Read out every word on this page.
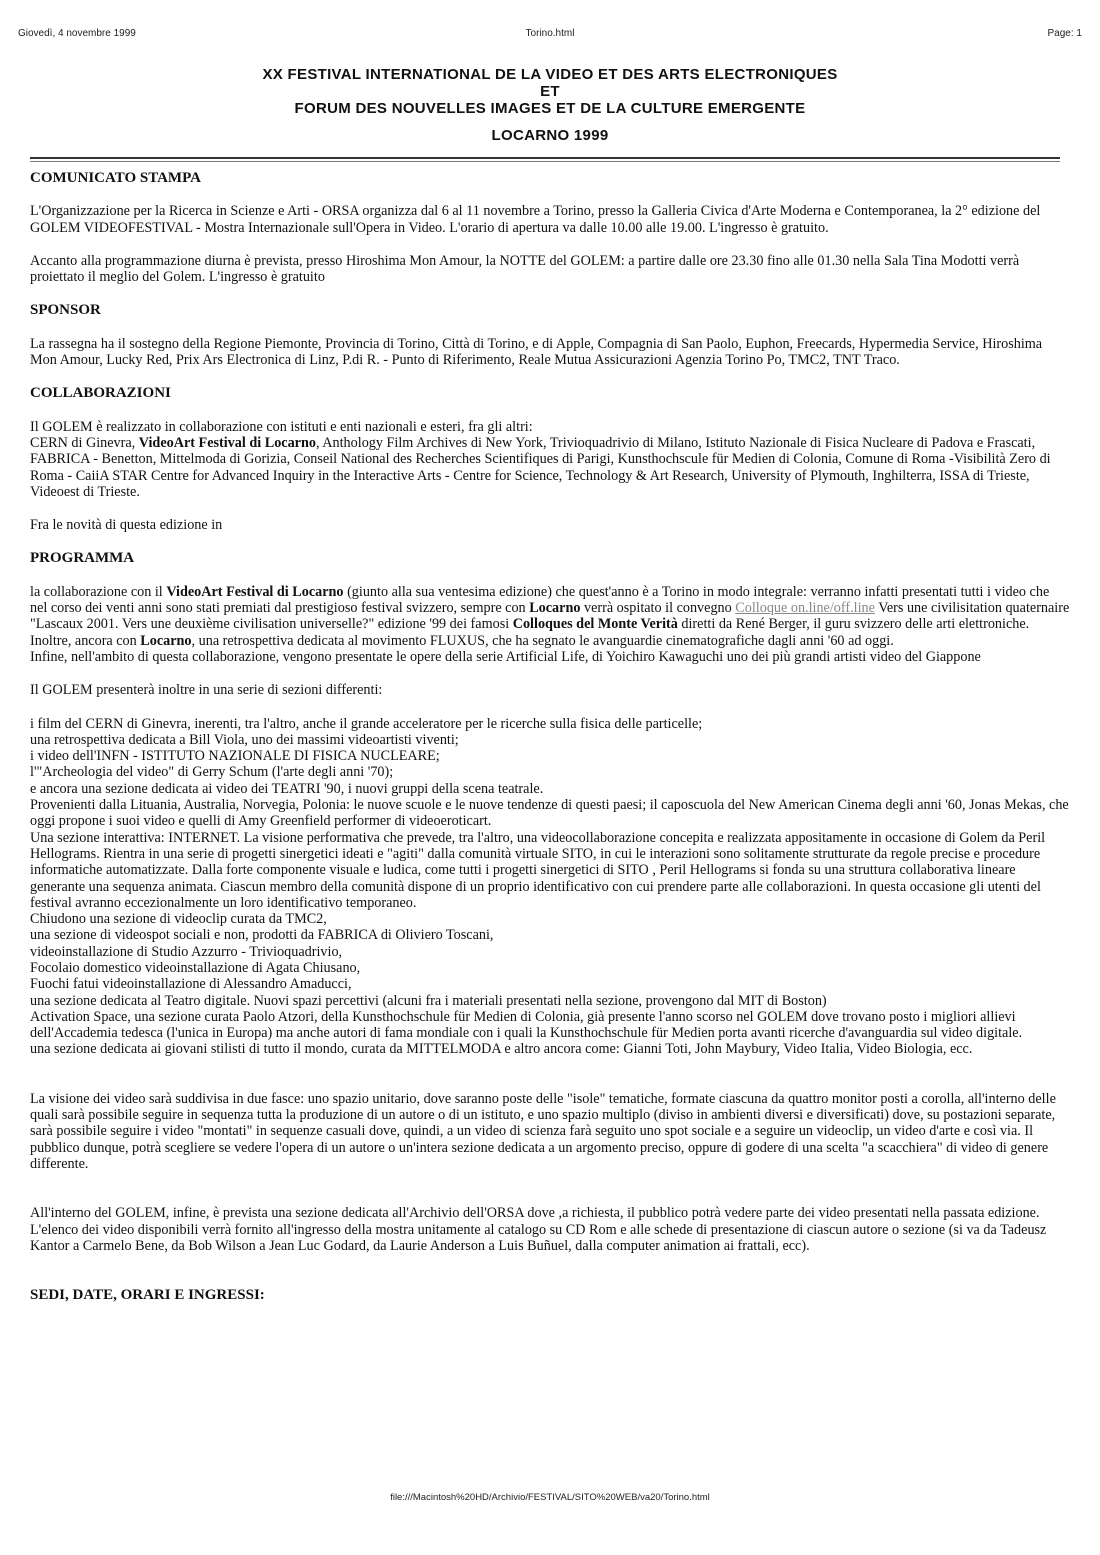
Torino.html
Giovedì, 4 novembre 1999	Page: 1
XX FESTIVAL INTERNATIONAL DE LA VIDEO ET DES ARTS ELECTRONIQUES
ET
FORUM DES NOUVELLES IMAGES ET DE LA CULTURE EMERGENTE
LOCARNO 1999

COMUNICATO STAMPA

L'Organizzazione per la Ricerca in Scienze e Arti - ORSA organizza dal 6 al 11 novembre a Torino, presso la Galleria Civica d'Arte Moderna e Contemporanea, la 2° edizione del GOLEM VIDEOFESTIVAL - Mostra Internazionale sull'Opera in Video. L'orario di apertura va dalle 10.00 alle 19.00. L'ingresso è gratuito.

Accanto alla programmazione diurna è prevista, presso Hiroshima Mon Amour, la NOTTE del GOLEM: a partire dalle ore 23.30 fino alle 01.30 nella Sala Tina Modotti verrà proiettato il meglio del Golem. L'ingresso è gratuito

SPONSOR

La rassegna ha il sostegno della Regione Piemonte, Provincia di Torino, Città di Torino, e di Apple, Compagnia di San Paolo, Euphon, Freecards, Hypermedia Service, Hiroshima Mon Amour, Lucky Red, Prix Ars Electronica di Linz, P.di R. - Punto di Riferimento, Reale Mutua Assicurazioni Agenzia Torino Po, TMC2, TNT Traco.

COLLABORAZIONI

Il GOLEM è realizzato in collaborazione con istituti e enti nazionali e esteri, fra gli altri:

CERN di Ginevra, VideoArt Festival di Locarno, Anthology Film Archives di New York, Trivioquadrivio di Milano, Istituto Nazionale di Fisica Nucleare di Padova e Frascati, FABRICA - Benetton, Mittelmoda di Gorizia, Conseil National des Recherches Scientifiques di Parigi, Kunsthochscule für Medien di Colonia, Comune di Roma -Visibilità Zero di Roma - CaiiA STAR Centre for Advanced Inquiry in the Interactive Arts - Centre for Science, Technology & Art Research, University of Plymouth, Inghilterra, ISSA di Trieste, Videoest di Trieste.

Fra le novità di questa edizione in

PROGRAMMA

la collaborazione con il VideoArt Festival di Locarno (giunto alla sua ventesima edizione) che quest'anno è a Torino in modo integrale: verranno infatti presentati tutti i video che nel corso dei venti anni sono stati premiati dal prestigioso festival svizzero, sempre con Locarno verrà ospitato il convegno Colloque on.line/off.line Vers une civilisitation quaternaire "Lascaux 2001. Vers une deuxième civilisation universelle?" edizione '99 dei famosi Colloques del Monte Verità diretti da René Berger, il guru svizzero delle arti elettroniche.

Inoltre, ancora con Locarno, una retrospettiva dedicata al movimento FLUXUS, che ha segnato le avanguardie cinematografiche dagli anni '60 ad oggi.

Infine, nell'ambito di questa collaborazione, vengono presentate le opere della serie Artificial Life, di Yoichiro Kawaguchi uno dei più grandi artisti video del Giappone

Il GOLEM presenterà inoltre in una serie di sezioni differenti:

i film del CERN di Ginevra, inerenti, tra l'altro, anche il grande acceleratore per le ricerche sulla fisica delle particelle;
una retrospettiva dedicata a Bill Viola, uno dei massimi videoartisti viventi;
i video dell'INFN - ISTITUTO NAZIONALE DI FISICA NUCLEARE;
l'"Archeologia del video" di Gerry Schum (l'arte degli anni '70);
e ancora una sezione dedicata ai video dei TEATRI '90, i nuovi gruppi della scena teatrale.
Provenienti dalla Lituania, Australia, Norvegia, Polonia: le nuove scuole e le nuove tendenze di questi paesi; il caposcuola del New American Cinema degli anni '60, Jonas Mekas, che oggi propone i suoi video e quelli di Amy Greenfield performer di videoeroticart.
Una sezione interattiva: INTERNET. La visione performativa che prevede, tra l'altro, una videocollaborazione concepita e realizzata appositamente in occasione di Golem da Peril Hellograms. Rientra in una serie di progetti sinergetici ideati e "agiti" dalla comunità virtuale SITO, in cui le interazioni sono solitamente strutturate da regole precise e procedure informatiche automatizzate. Dalla forte componente visuale e ludica, come tutti i progetti sinergetici di SITO , Peril Hellograms si fonda su una struttura collaborativa lineare generante una sequenza animata. Ciascun membro della comunità dispone di un proprio identificativo con cui prendere parte alle collaborazioni. In questa occasione gli utenti del festival avranno eccezionalmente un loro identificativo temporaneo.
Chiudono una sezione di videoclip curata da TMC2,
una sezione di videospot sociali e non, prodotti da FABRICA di Oliviero Toscani,
videoinstallazione di Studio Azzurro - Trivioquadrivio,
Focolaio domestico videoinstallazione di Agata Chiusano,
Fuochi fatui videoinstallazione di Alessandro Amaducci,
una sezione dedicata al Teatro digitale. Nuovi spazi percettivi (alcuni fra i materiali presentati nella sezione, provengono dal MIT di Boston)
Activation Space, una sezione curata Paolo Atzori, della Kunsthochschule für Medien di Colonia, già presente l'anno scorso nel GOLEM dove trovano posto i migliori allievi dell'Accademia tedesca (l'unica in Europa) ma anche autori di fama mondiale con i quali la Kunsthochschule für Medien porta avanti ricerche d'avanguardia sul video digitale.
una sezione dedicata ai giovani stilisti di tutto il mondo, curata da MITTELMODA e altro ancora come: Gianni Toti, John Maybury, Video Italia, Video Biologia, ecc.

La visione dei video sarà suddivisa in due fasce: uno spazio unitario, dove saranno poste delle "isole" tematiche, formate ciascuna da quattro monitor posti a corolla, all'interno delle quali sarà possibile seguire in sequenza tutta la produzione di un autore o di un istituto, e uno spazio multiplo (diviso in ambienti diversi e diversificati) dove, su postazioni separate, sarà possibile seguire i video "montati" in sequenze casuali dove, quindi, a un video di scienza farà seguito uno spot sociale e a seguire un videoclip, un video d'arte e così via. Il pubblico dunque, potrà scegliere se vedere l'opera di un autore o un'intera sezione dedicata a un argomento preciso, oppure di godere di una scelta "a scacchiera" di video di genere differente.

All'interno del GOLEM, infine, è prevista una sezione dedicata all'Archivio dell'ORSA dove ,a richiesta, il pubblico potrà vedere parte dei video presentati nella passata edizione. L'elenco dei video disponibili verrà fornito all'ingresso della mostra unitamente al catalogo su CD Rom e alle schede di presentazione di ciascun autore o sezione (si va da Tadeusz Kantor a Carmelo Bene, da Bob Wilson a Jean Luc Godard, da Laurie Anderson a Luis Buñuel, dalla computer animation ai frattali, ecc).

SEDI, DATE, ORARI E INGRESSI:

file:///Macintosh%20HD/Archivio/FESTIVAL/SITO%20WEB/va20/Torino.html
